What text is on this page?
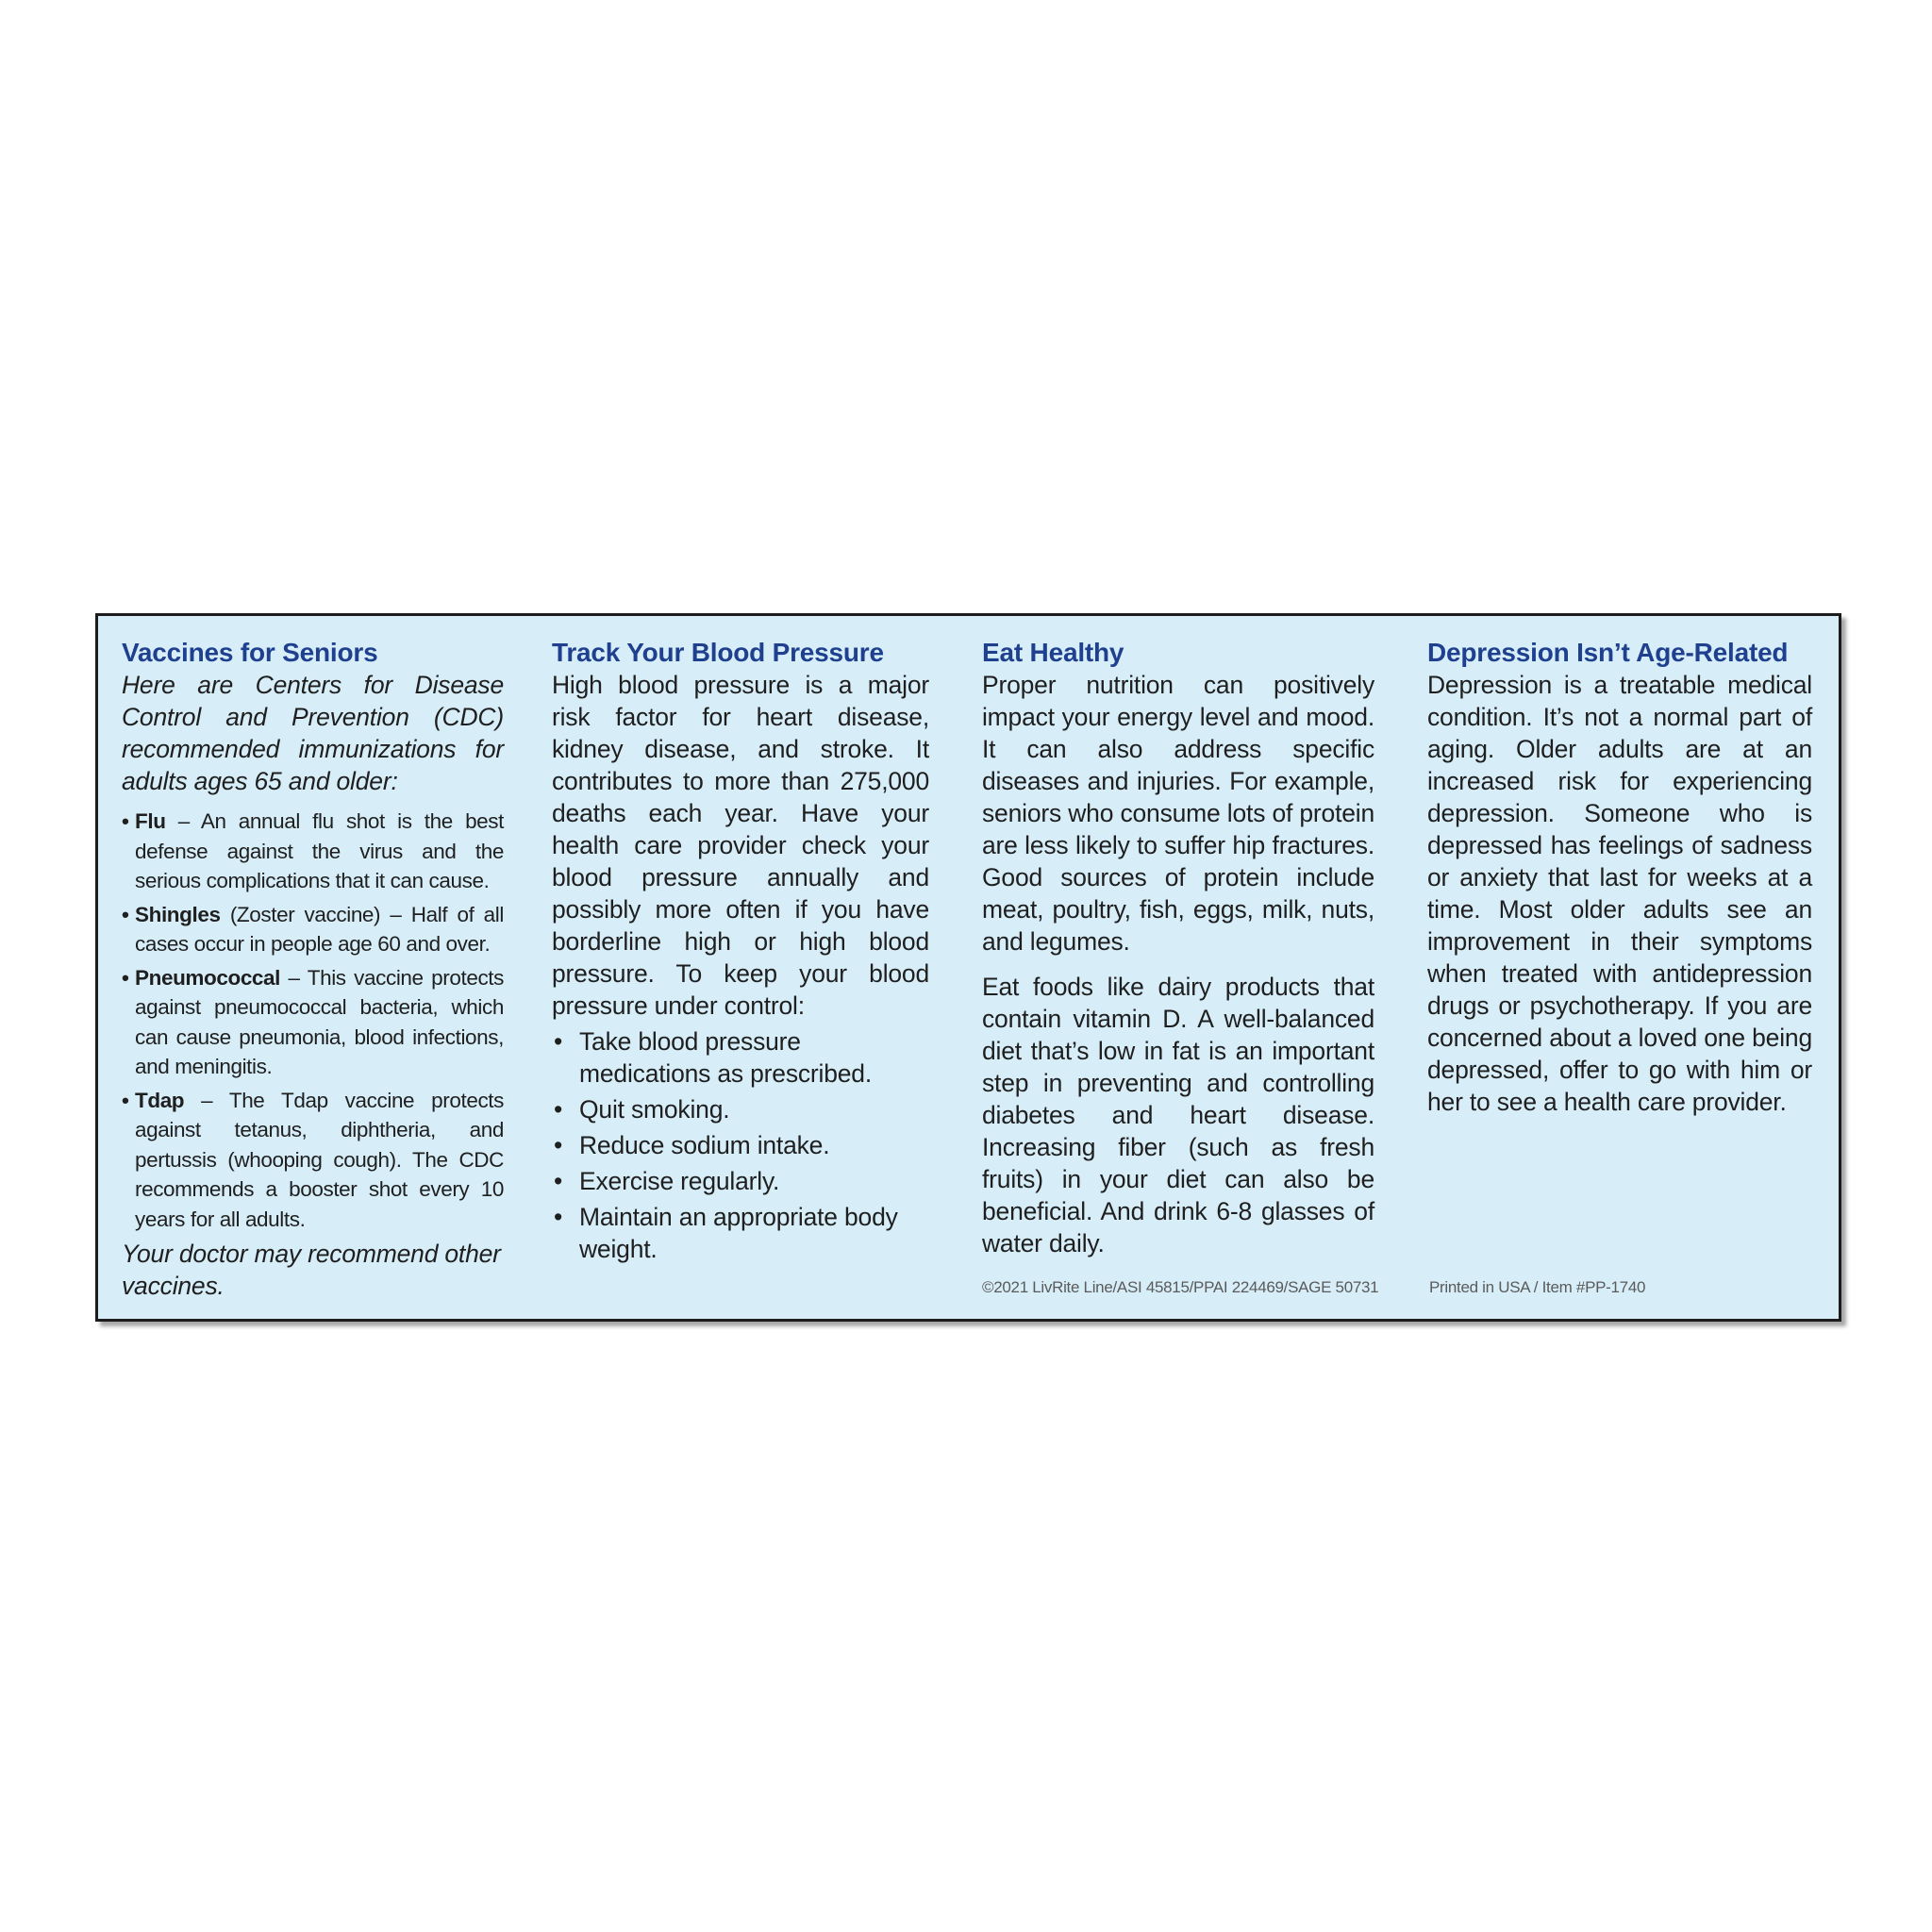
Vaccines for Seniors

Here are Centers for Disease Control and Prevention (CDC) recommended immunizations for adults ages 65 and older:

• Flu – An annual flu shot is the best defense against the virus and the serious complications that it can cause.
• Shingles (Zoster vaccine) – Half of all cases occur in people age 60 and over.
• Pneumococcal – This vaccine protects against pneumococcal bacteria, which can cause pneumonia, blood infections, and meningitis.
• Tdap – The Tdap vaccine protects against tetanus, diphtheria, and pertussis (whooping cough). The CDC recommends a booster shot every 10 years for all adults.

Your doctor may recommend other vaccines.

Track Your Blood Pressure

High blood pressure is a major risk factor for heart disease, kidney disease, and stroke. It contributes to more than 275,000 deaths each year. Have your health care provider check your blood pressure annually and possibly more often if you have borderline high or high blood pressure. To keep your blood pressure under control:

• Take blood pressure medications as prescribed.
• Quit smoking.
• Reduce sodium intake.
• Exercise regularly.
• Maintain an appropriate body weight.
Eat Healthy

Proper nutrition can positively impact your energy level and mood. It can also address specific diseases and injuries. For example, seniors who consume lots of protein are less likely to suffer hip fractures. Good sources of protein include meat, poultry, fish, eggs, milk, nuts, and legumes.

Eat foods like dairy products that contain vitamin D. A well-balanced diet that’s low in fat is an important step in preventing and controlling diabetes and heart disease. Increasing fiber (such as fresh fruits) in your diet can also be beneficial. And drink 6-8 glasses of water daily.

Depression Isn’t Age-Related

Depression is a treatable medical condition. It’s not a normal part of aging. Older adults are at an increased risk for experiencing depression. Someone who is depressed has feelings of sadness or anxiety that last for weeks at a time. Most older adults see an improvement in their symptoms when treated with antidepression drugs or psychotherapy. If you are concerned about a loved one being depressed, offer to go with him or her to see a health care provider.

©2021 LivRite Line/ASI 45815/PPAI 224469/SAGE 50731	Printed in USA / Item #PP-1740
